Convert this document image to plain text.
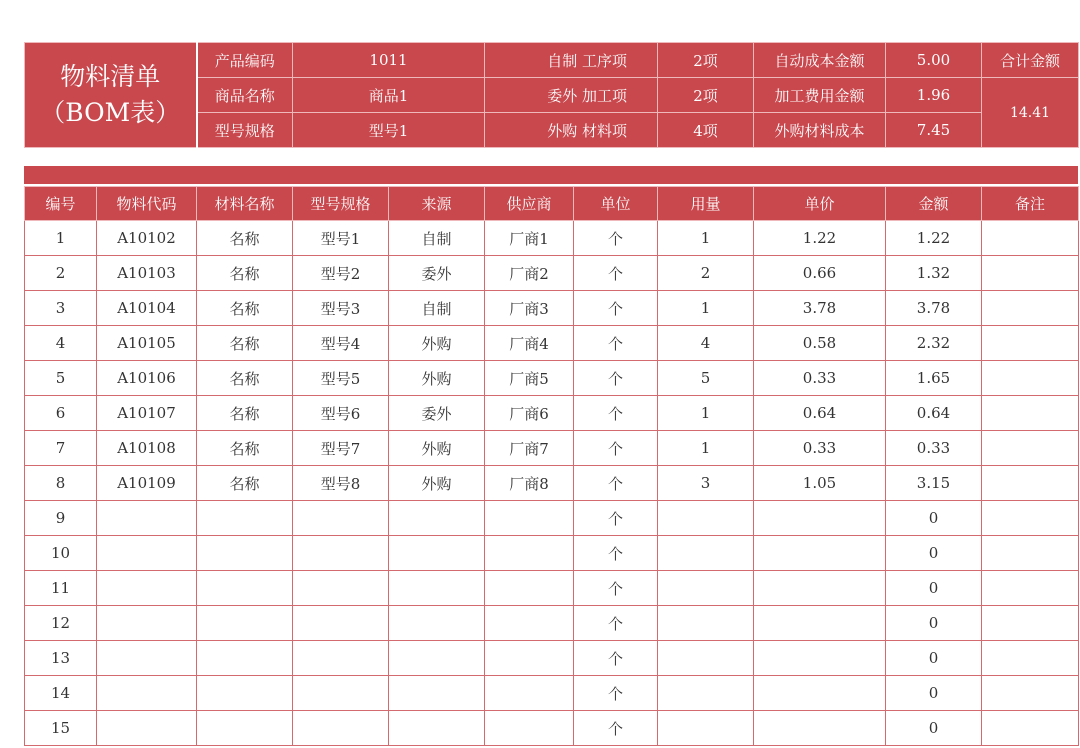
物料清单
（BOM表）	产品编码	1011	自制 工序项	2项	自动成本金额	5.00	合计金额
	商品名称	商品1	委外 加工项	2项	加工费用金额	1.96	14.41
	型号规格	型号1	外购 材料项	4项	外购材料成本	7.45	
编号	物料代码	材料名称	型号规格	来源	供应商	单位	用量	单价	金额	备注
1	A10102	名称	型号1	自制	厂商1	个	1	1.22	1.22	
2	A10103	名称	型号2	委外	厂商2	个	2	0.66	1.32	
3	A10104	名称	型号3	自制	厂商3	个	1	3.78	3.78	
4	A10105	名称	型号4	外购	厂商4	个	4	0.58	2.32	
5	A10106	名称	型号5	外购	厂商5	个	5	0.33	1.65	
6	A10107	名称	型号6	委外	厂商6	个	1	0.64	0.64	
7	A10108	名称	型号7	外购	厂商7	个	1	0.33	0.33	
8	A10109	名称	型号8	外购	厂商8	个	3	1.05	3.15	
9						个			0	
10						个			0	
11						个			0	
12						个			0	
13						个			0	
14						个			0	
15						个			0	
